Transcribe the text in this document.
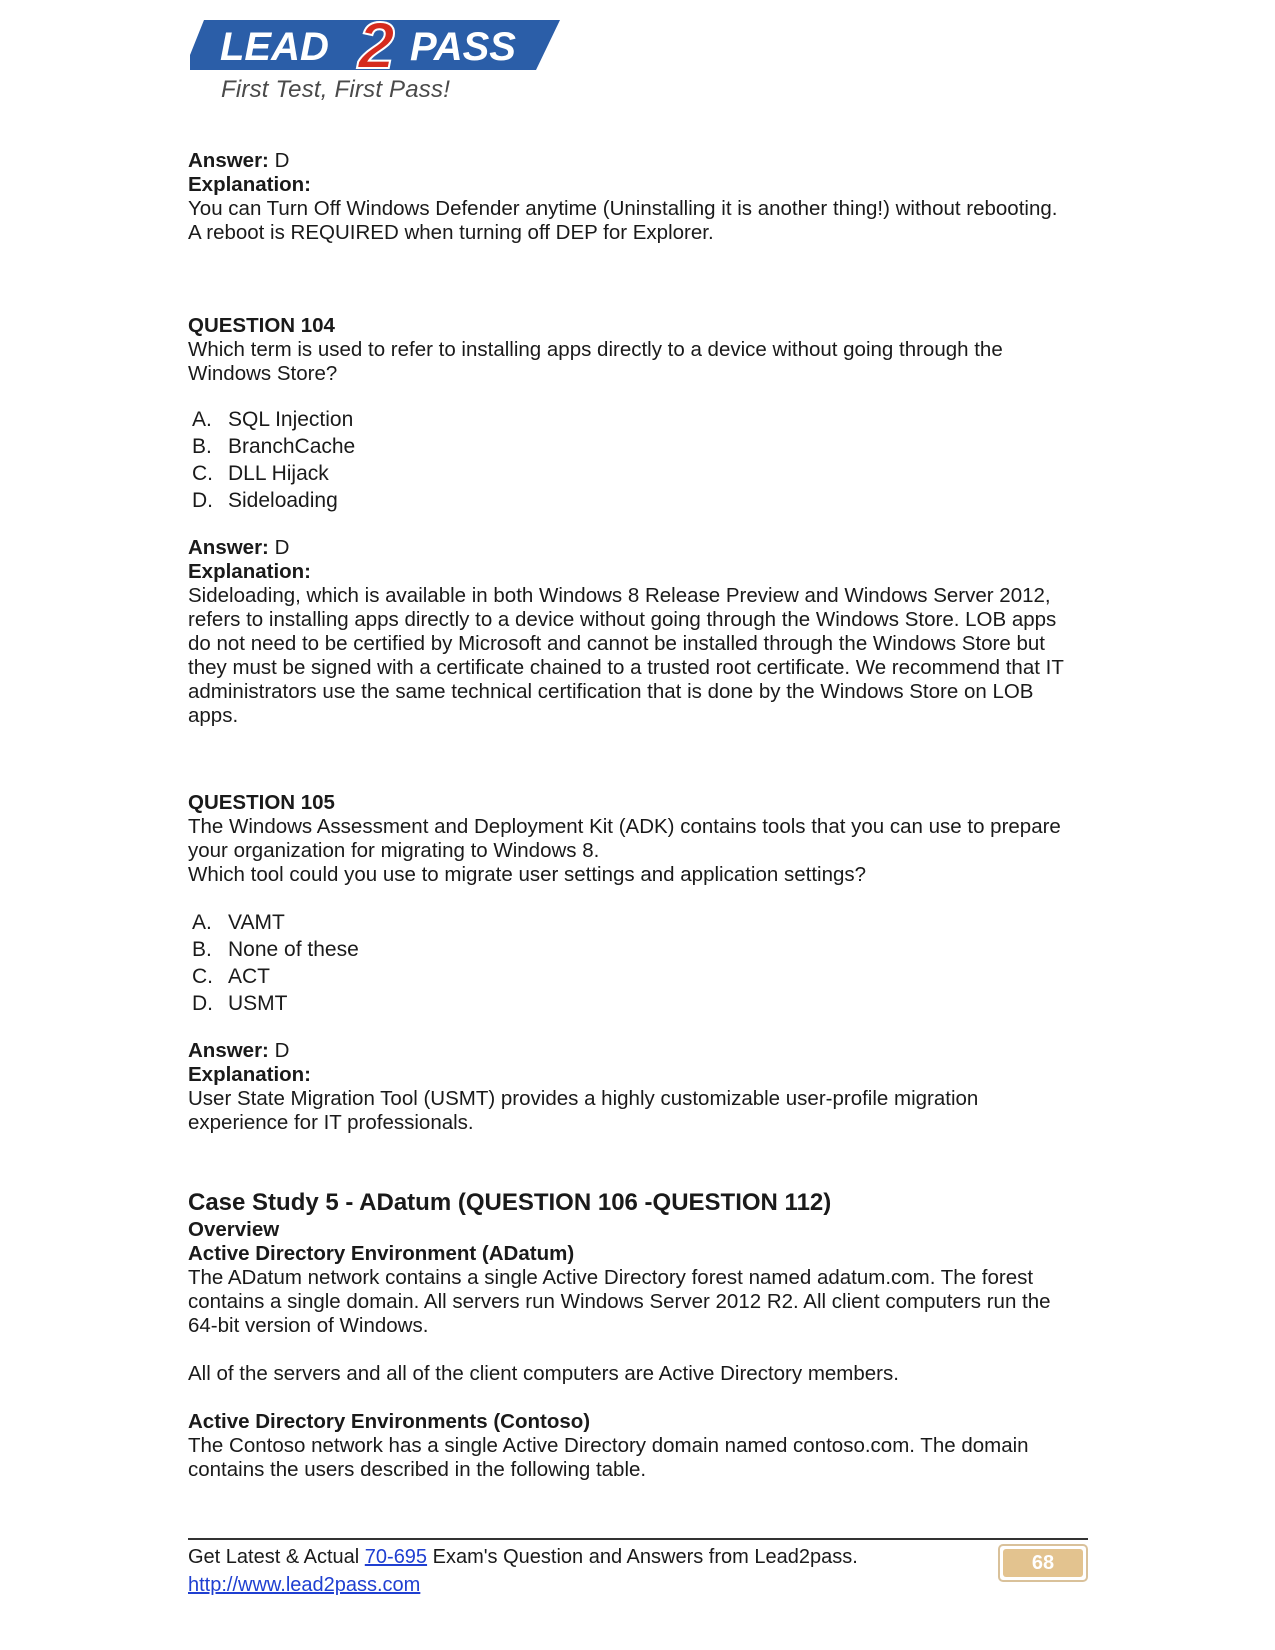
LEAD 2 PASS
First Test, First Pass!
Answer: D
Explanation:
You can Turn Off Windows Defender anytime (Uninstalling it is another thing!) without rebooting.
A reboot is REQUIRED when turning off DEP for Explorer.
QUESTION 104
Which term is used to refer to installing apps directly to a device without going through the
Windows Store?
A. SQL Injection
B. BranchCache
C. DLL Hijack
D. Sideloading
Answer: D
Explanation:
Sideloading, which is available in both Windows 8 Release Preview and Windows Server 2012,
refers to installing apps directly to a device without going through the Windows Store. LOB apps
do not need to be certified by Microsoft and cannot be installed through the Windows Store but
they must be signed with a certificate chained to a trusted root certificate. We recommend that IT
administrators use the same technical certification that is done by the Windows Store on LOB
apps.
QUESTION 105
The Windows Assessment and Deployment Kit (ADK) contains tools that you can use to prepare
your organization for migrating to Windows 8.
Which tool could you use to migrate user settings and application settings?
A. VAMT
B. None of these
C. ACT
D. USMT
Answer: D
Explanation:
User State Migration Tool (USMT) provides a highly customizable user-profile migration
experience for IT professionals.
Case Study 5 - ADatum (QUESTION 106 -QUESTION 112)
Overview
Active Directory Environment (ADatum)
The ADatum network contains a single Active Directory forest named adatum.com. The forest
contains a single domain. All servers run Windows Server 2012 R2. All client computers run the
64-bit version of Windows.
All of the servers and all of the client computers are Active Directory members.
Active Directory Environments (Contoso)
The Contoso network has a single Active Directory domain named contoso.com. The domain
contains the users described in the following table.
Get Latest & Actual 70-695 Exam's Question and Answers from Lead2pass.
http://www.lead2pass.com
68
